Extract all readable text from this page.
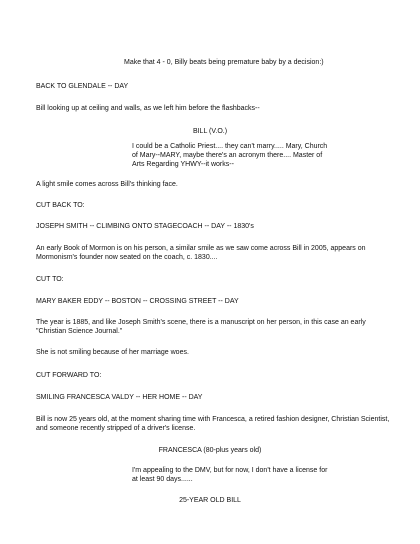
Make that 4 - 0, Billy beats being premature baby by a decision:)
BACK TO GLENDALE -- DAY
Bill looking up at ceiling and walls, as we left him before the flashbacks--
BILL (V.O.)
I could be a Catholic Priest.... they can't marry..... Mary, Church of Mary--MARY, maybe there's an acronym there.... Master of Arts Regarding YHWY--it works--
A light smile comes across Bill's thinking face.
CUT BACK TO:
JOSEPH SMITH -- CLIMBING ONTO STAGECOACH -- DAY -- 1830's
An early Book of Mormon is on his person, a similar smile as we saw come across Bill in 2005, appears on Mormonism's founder now seated on the coach, c. 1830....
CUT TO:
MARY BAKER EDDY -- BOSTON -- CROSSING STREET -- DAY
The year is 1885, and like Joseph Smith's scene, there is a manuscript on her person, in this case an early "Christian Science Journal."
She is not smiling because of her marriage woes.
CUT FORWARD TO:
SMILING FRANCESCA VALDY -- HER HOME -- DAY
Bill is now 25 years old, at the moment sharing time with Francesca, a retired fashion designer, Christian Scientist, and someone recently stripped of a driver's license.
FRANCESCA (80-plus years old)
I'm appealing to the DMV, but for now, I don't have a license for at least 90 days......
25-YEAR OLD BILL
